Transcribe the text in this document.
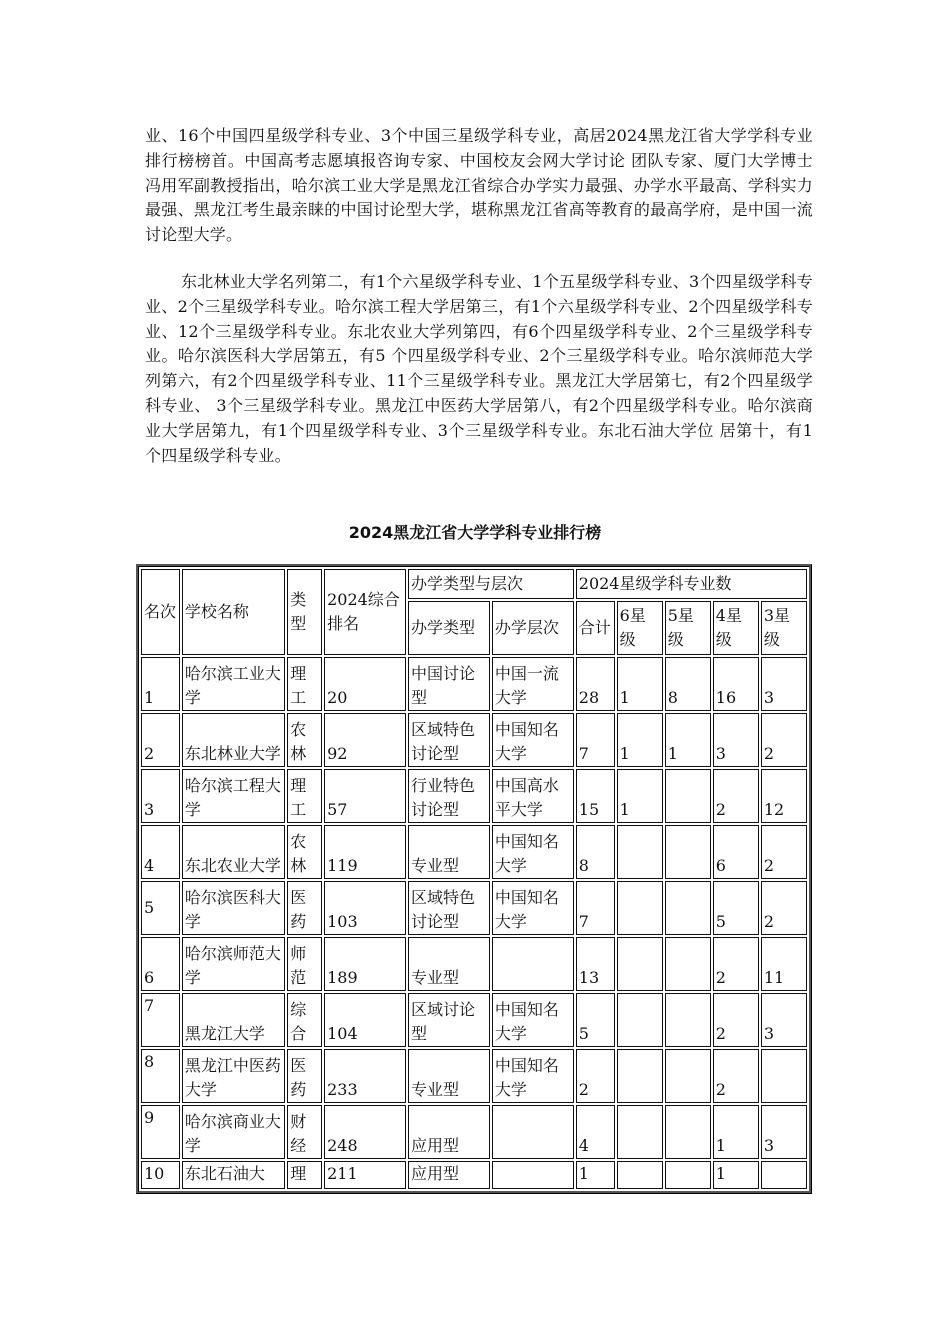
业、16个中国四星级学科专业、3个中国三星级学科专业，高居2024黑龙江省大学学科专业排行榜榜首。中国高考志愿填报咨询专家、中国校友会网大学讨论 团队专家、厦门大学博士冯用军副教授指出，哈尔滨工业大学是黑龙江省综合办学实力最强、办学水平最高、学科实力最强、黑龙江考生最亲睐的中国讨论型大学，堪称黑龙江省高等教育的最高学府，是中国一流讨论型大学。

东北林业大学名列第二，有1个六星级学科专业、1个五星级学科专业、3个四星级学科专业、2个三星级学科专业。哈尔滨工程大学居第三，有1个六星级学科专业、2个四星级学科专业、12个三星级学科专业。东北农业大学列第四，有6个四星级学科专业、2个三星级学科专业。哈尔滨医科大学居第五，有5 个四星级学科专业、2个三星级学科专业。哈尔滨师范大学列第六，有2个四星级学科专业、11个三星级学科专业。黑龙江大学居第七，有2个四星级学科专业、 3个三星级学科专业。黑龙江中医药大学居第八，有2个四星级学科专业。哈尔滨商业大学居第九，有1个四星级学科专业、3个三星级学科专业。东北石油大学位 居第十，有1个四星级学科专业。

2024黑龙江省大学学科专业排行榜
名次	学校名称	类型	2024综合排名	办学类型与层次		2024星级学科专业数				
				办学类型	办学层次	合计	6星级	5星级	4星级	3星级
1	哈尔滨工业大学	理工	20	中国讨论型	中国一流大学	28	1	8	16	3
2	东北林业大学	农林	92	区域特色讨论型	中国知名大学	7	1	1	3	2
3	哈尔滨工程大学	理工	57	行业特色讨论型	中国高水平大学	15	1		2	12
4	东北农业大学	农林	119	专业型	中国知名大学	8			6	2
5	哈尔滨医科大学	医药	103	区域特色讨论型	中国知名大学	7			5	2
6	哈尔滨师范大学	师范	189	专业型		13			2	11
7	黑龙江大学	综合	104	区域讨论型	中国知名大学	5			2	3
8	黑龙江中医药大学	医药	233	专业型	中国知名大学	2			2	
9	哈尔滨商业大学	财经	248	应用型		4			1	3
10	东北石油大	理	211	应用型		1			1	
